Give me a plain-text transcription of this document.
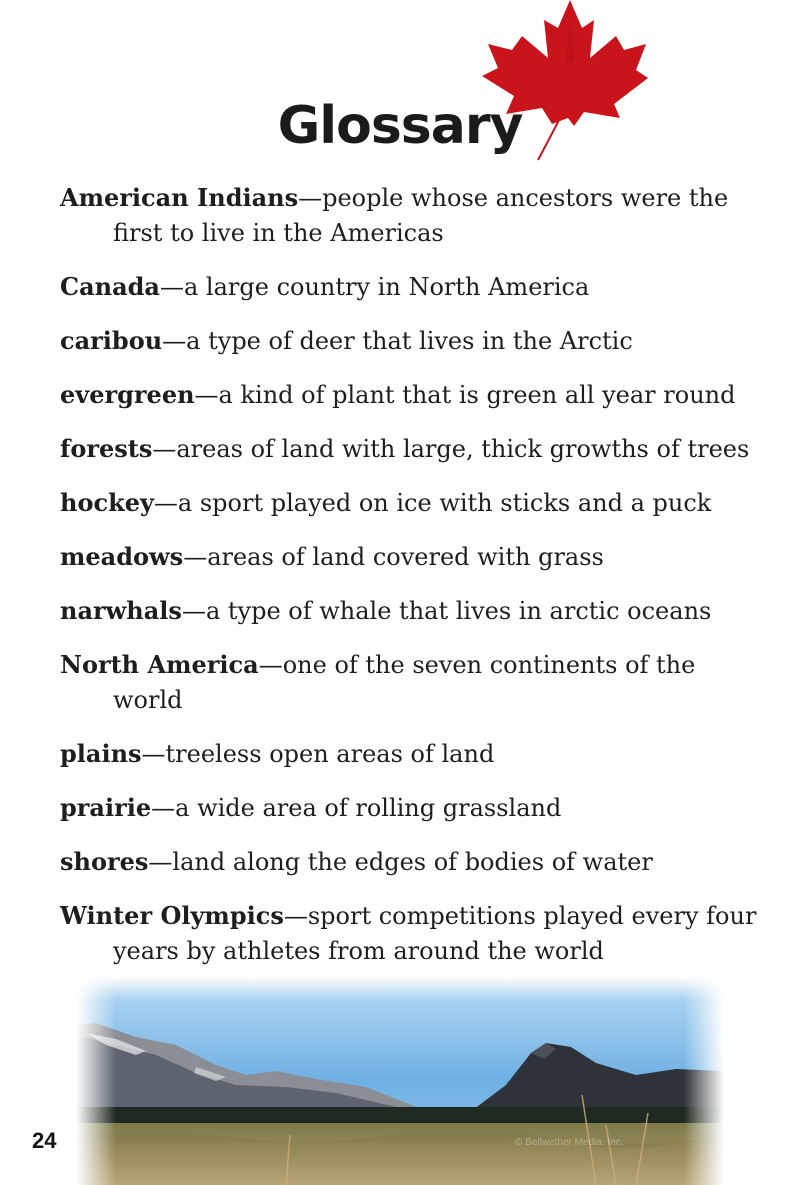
Glossary

American Indians—people whose ancestors were the first to live in the Americas

Canada—a large country in North America

caribou—a type of deer that lives in the Arctic

evergreen—a kind of plant that is green all year round

forests—areas of land with large, thick growths of trees

hockey—a sport played on ice with sticks and a puck

meadows—areas of land covered with grass

narwhals—a type of whale that lives in arctic oceans

North America—one of the seven continents of the world

plains—treeless open areas of land

prairie—a wide area of rolling grassland

shores—land along the edges of bodies of water

Winter Olympics—sport competitions played every four years by athletes from around the world

24	© Bellwether Media, Inc.
